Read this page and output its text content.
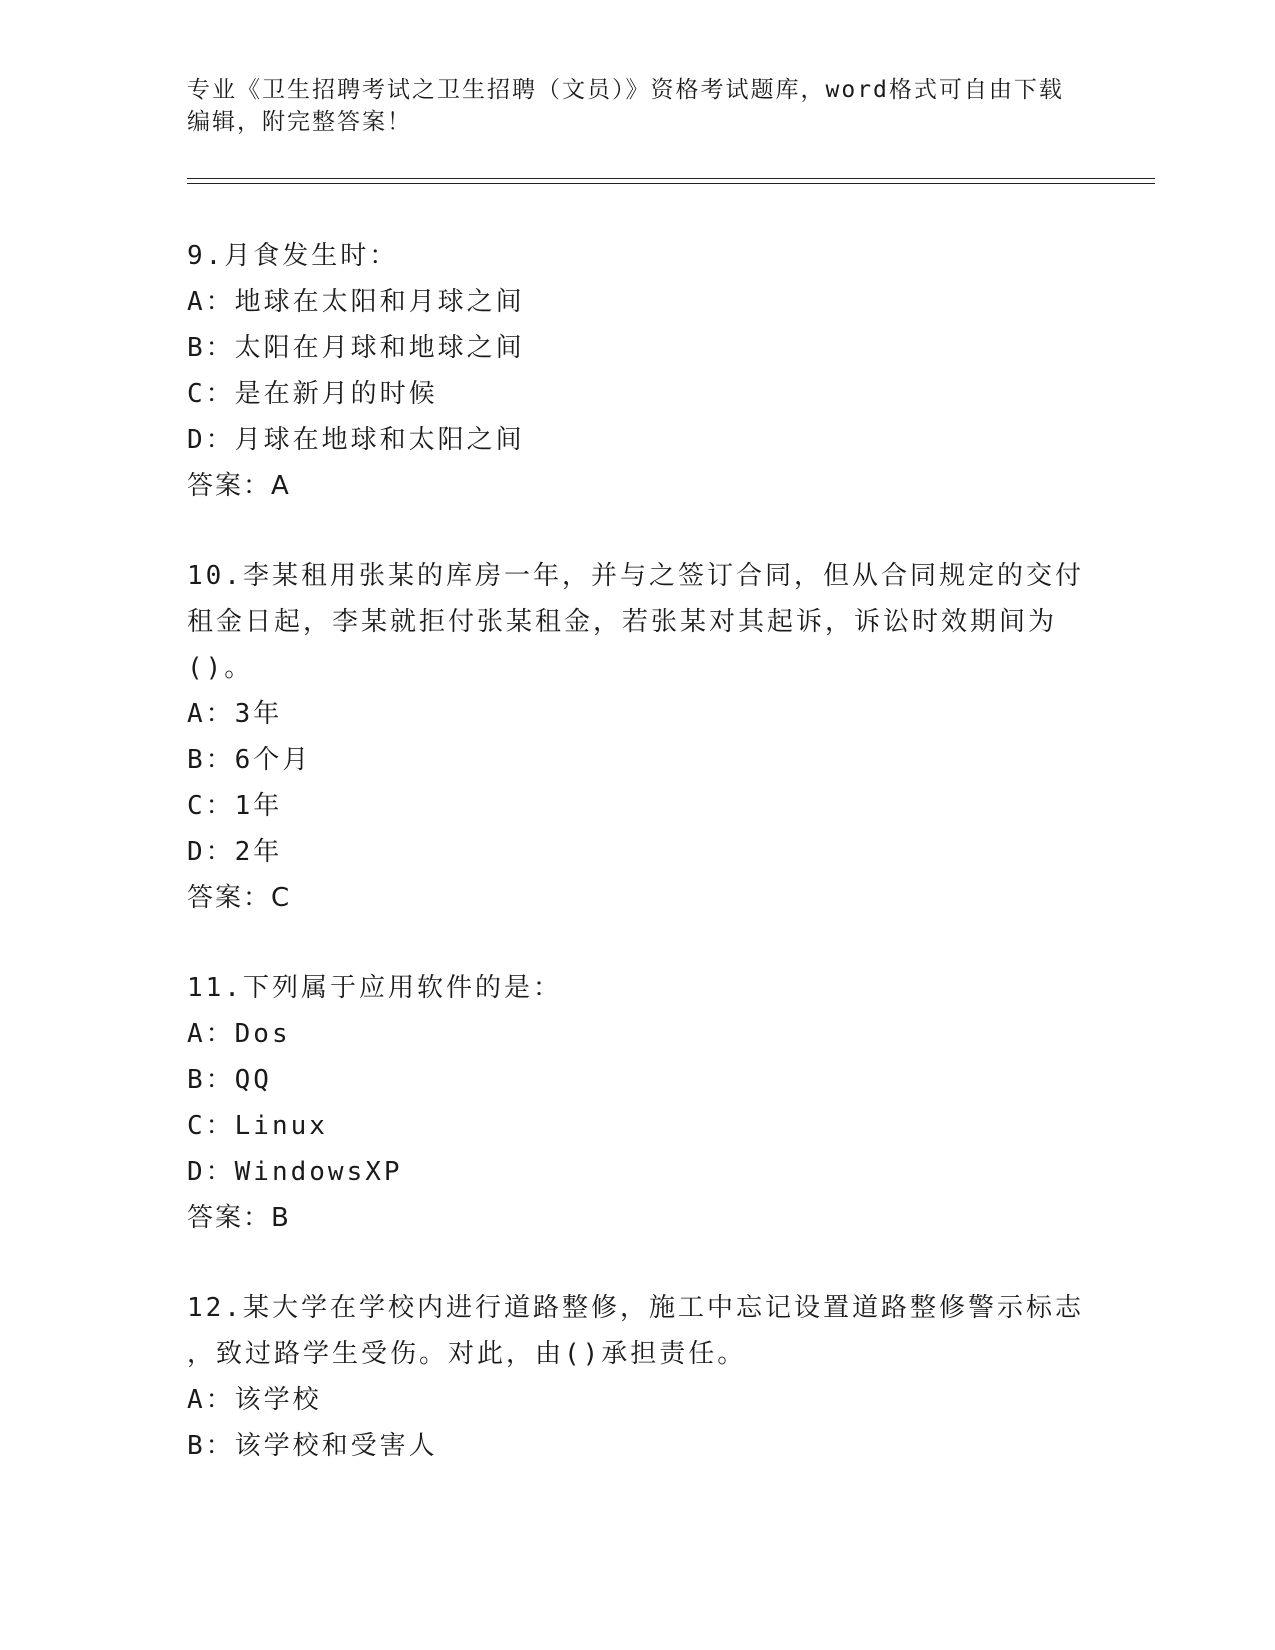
专业《卫生招聘考试之卫生招聘（文员）》资格考试题库，word格式可自由下载
编辑，附完整答案！

9.月食发生时：

A：地球在太阳和月球之间

B：太阳在月球和地球之间

C：是在新月的时候

D：月球在地球和太阳之间

答案：A

10.李某租用张某的库房一年，并与之签订合同，但从合同规定的交付

租金日起，李某就拒付张某租金，若张某对其起诉，诉讼时效期间为

()。

A：3年

B：6个月

C：1年

D：2年

答案：C

11.下列属于应用软件的是：

A：Dos

B：QQ

C：Linux

D：WindowsXP

答案：B

12.某大学在学校内进行道路整修，施工中忘记设置道路整修警示标志

，致过路学生受伤。对此，由()承担责任。

A：该学校

B：该学校和受害人
